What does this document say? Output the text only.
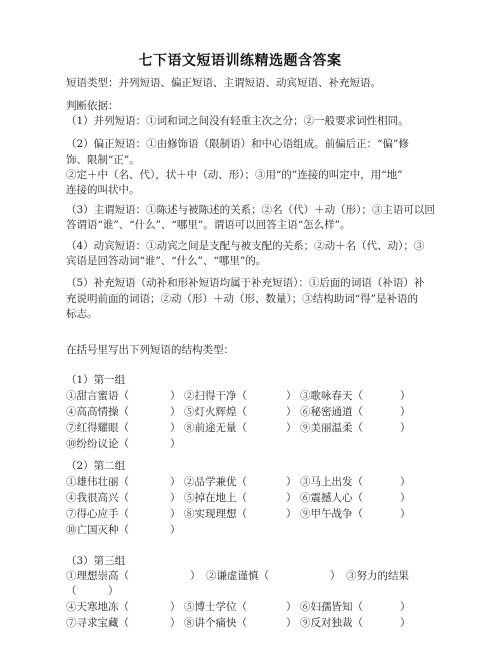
七下语文短语训练精选题含答案
短语类型：并列短语、偏正短语、主谓短语、动宾短语、补充短语。
判断依据：
（1）并列短语：①词和词之间没有轻重主次之分；②一般要求词性相同。
（2）偏正短语：①由修饰语（限制语）和中心语组成。前偏后正：“偏”修
饰、限制“正”。
②定＋中（名、代），状＋中（动、形）；③用“的”连接的叫定中，用“地”
连接的叫状中。
（3）主谓短语：①陈述与被陈述的关系；②名（代）＋动（形）；③主语可以回
答谓语“谁”、“什么”、“哪里”。谓语可以回答主语“怎么样”。
（4）动宾短语：①动宾之间是支配与被支配的关系；②动＋名（代、动）；③
宾语是回答动词“谁”、“什么”、“哪里”的。
（5）补充短语（动补和形补短语均属于补充短语）：①后面的词语（补语）补
充说明前面的词语；②动（形）＋动（形、数量）；③结构助词“得”是补语的
标志。
在括号里写出下列短语的结构类型：
（1）第一组
①甜言蜜语（	） ②扫得干净（	） ③歌咏春天（	）
④高高情操（	） ⑤灯火辉煌（	） ⑥秘密通道（	）
⑦红得耀眼（	） ⑧前途无量（	） ⑨美丽温柔（	）
⑩纷纷议论（	）
（2）第二组
①雄伟壮丽（	） ②品学兼优（	） ③马上出发（	）
④我很高兴（	） ⑤掉在地上（	） ⑥震撼人心（	）
⑦得心应手（	） ⑧实现理想（	） ⑨甲午战争（	）
⑩亡国灭种（	）
（3）第三组
①理想崇高（	） ②谦虚谨慎（	） ③努力的结果
（　　　）
④天寒地冻（	） ⑤博士学位（	） ⑥妇孺皆知（	）
⑦寻求宝藏（	） ⑧讲个痛快（	） ⑨反对独裁（	）
